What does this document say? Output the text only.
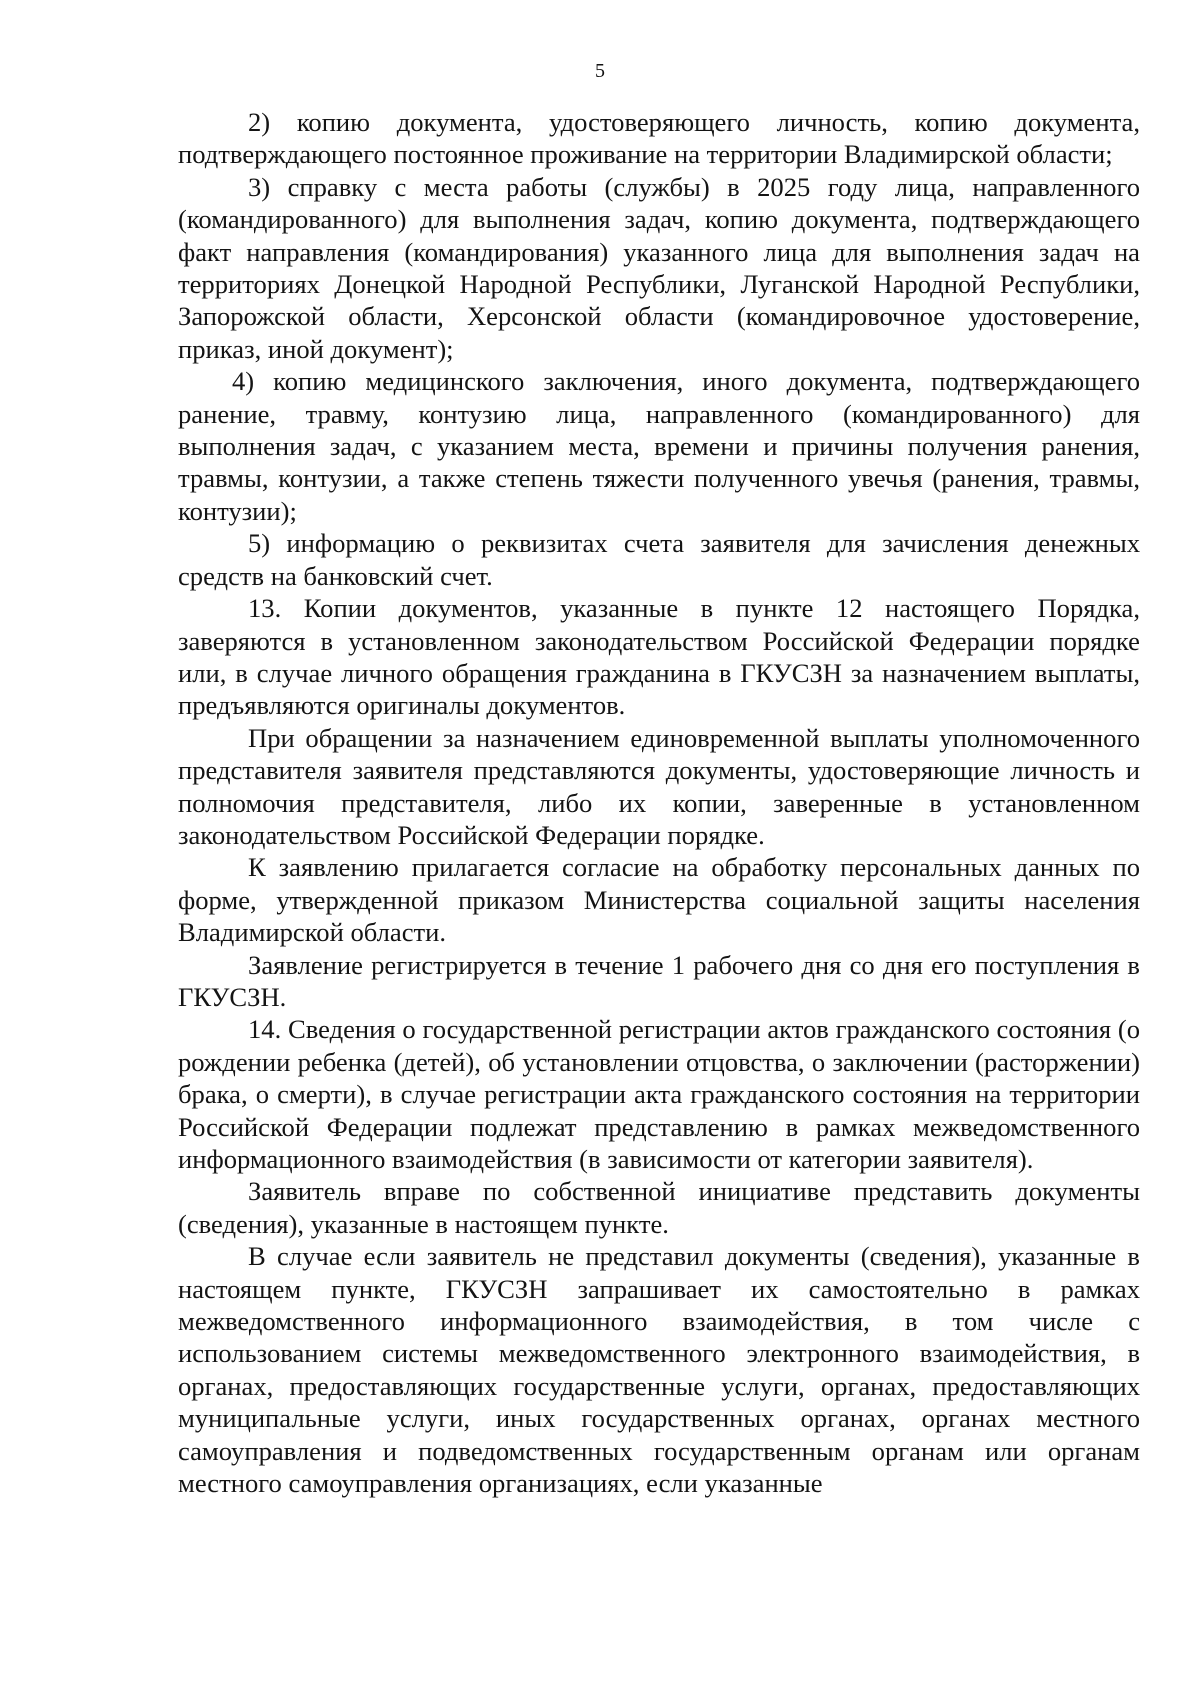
5

2) копию документа, удостоверяющего личность, копию документа, подтверждающего постоянное проживание на территории Владимирской области;

3) справку с места работы (службы) в 2025 году лица, направленного (командированного) для выполнения задач, копию документа, подтверждающего факт направления (командирования) указанного лица для выполнения задач на территориях Донецкой Народной Республики, Луганской Народной Республики, Запорожской области, Херсонской области (командировочное удостоверение, приказ, иной документ);

4) копию медицинского заключения, иного документа, подтверждающего ранение, травму, контузию лица, направленного (командированного) для выполнения задач, с указанием места, времени и причины получения ранения, травмы, контузии, а также степень тяжести полученного увечья (ранения, травмы, контузии);

5) информацию о реквизитах счета заявителя для зачисления денежных средств на банковский счет.

13. Копии документов, указанные в пункте 12 настоящего Порядка, заверяются в установленном законодательством Российской Федерации порядке или, в случае личного обращения гражданина в ГКУСЗН за назначением выплаты, предъявляются оригиналы документов.

При обращении за назначением единовременной выплаты уполномоченного представителя заявителя представляются документы, удостоверяющие личность и полномочия представителя, либо их копии, заверенные в установленном законодательством Российской Федерации порядке.

К заявлению прилагается согласие на обработку персональных данных по форме, утвержденной приказом Министерства социальной защиты населения Владимирской области.

Заявление регистрируется в течение 1 рабочего дня со дня его поступления в ГКУСЗН.

14. Сведения о государственной регистрации актов гражданского состояния (о рождении ребенка (детей), об установлении отцовства, о заключении (расторжении) брака, о смерти), в случае регистрации акта гражданского состояния на территории Российской Федерации подлежат представлению в рамках межведомственного информационного взаимодействия (в зависимости от категории заявителя).

Заявитель вправе по собственной инициативе представить документы (сведения), указанные в настоящем пункте.

В случае если заявитель не представил документы (сведения), указанные в настоящем пункте, ГКУСЗН запрашивает их самостоятельно в рамках межведомственного информационного взаимодействия, в том числе с использованием системы межведомственного электронного взаимодействия, в органах, предоставляющих государственные услуги, органах, предоставляющих муниципальные услуги, иных государственных органах, органах местного самоуправления и подведомственных государственным органам или органам местного самоуправления организациях, если указанные
